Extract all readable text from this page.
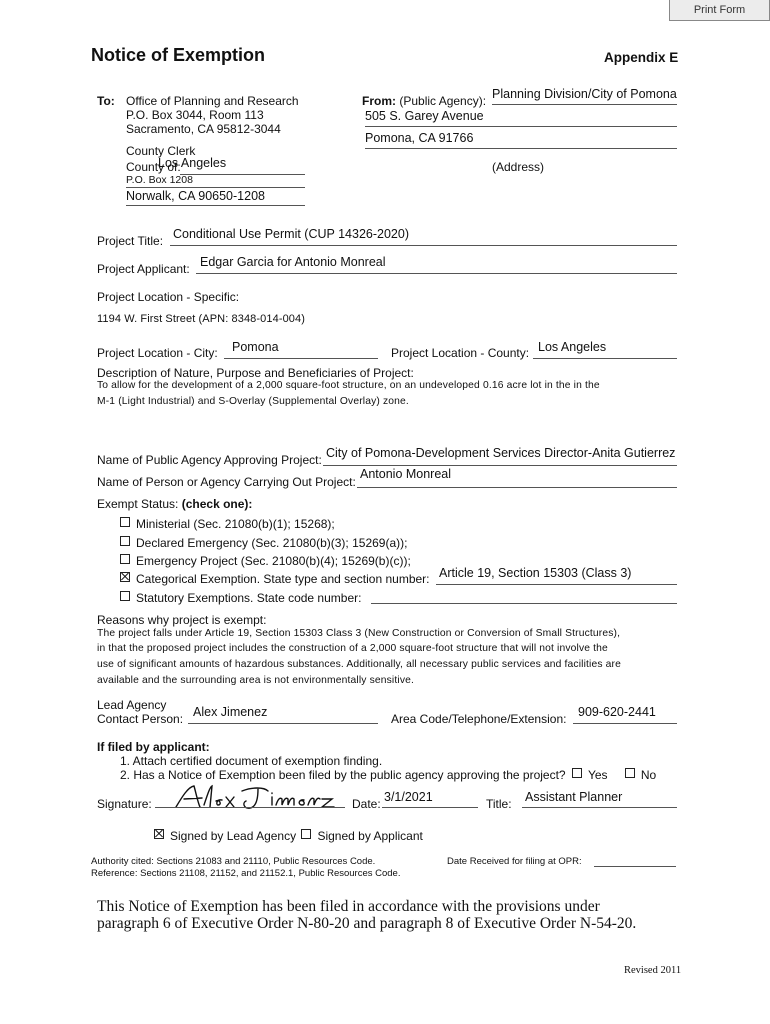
Print Form
Notice of Exemption	Appendix E
To: Office of Planning and Research
P.O. Box 3044, Room 113
Sacramento, CA 95812-3044
County Clerk
County of:
Los Angeles
P.O. Box 1208
Norwalk, CA 90650-1208
From: (Public Agency): Planning Division/City of Pomona
505 S. Garey Avenue
Pomona, CA 91766
(Address)
Project Title: Conditional Use Permit (CUP 14326-2020)
Project Applicant: Edgar Garcia for Antonio Monreal
Project Location - Specific:
1194 W. First Street (APN: 8348-014-004)
Project Location - City: Pomona	Project Location - County: Los Angeles
Description of Nature, Purpose and Beneficiaries of Project:
To allow for the development of a 2,000 square-foot structure, on an undeveloped 0.16 acre lot in the in the
M-1 (Light Industrial) and S-Overlay (Supplemental Overlay) zone.
Name of Public Agency Approving Project: City of Pomona-Development Services Director-Anita Gutierrez
Name of Person or Agency Carrying Out Project:
Antonio Monreal
Exempt Status: (check one):
Ministerial (Sec. 21080(b)(1); 15268);
Declared Emergency (Sec. 21080(b)(3); 15269(a));
Emergency Project (Sec. 21080(b)(4); 15269(b)(c));
Categorical Exemption. State type and section number: Article 19, Section 15303 (Class 3)
Statutory Exemptions. State code number:
Reasons why project is exempt:
The project falls under Article 19, Section 15303 Class 3 (New Construction or Conversion of Small Structures),
in that the proposed project includes the construction of a 2,000 square-foot structure that will not involve the
use of significant amounts of hazardous substances. Additionally, all necessary public services and facilities are
available and the surrounding area is not environmentally sensitive.
Lead Agency
Contact Person: Alex Jimenez	Area Code/Telephone/Extension: 909-620-2441
If filed by applicant:
1. Attach certified document of exemption finding.
2. Has a Notice of Exemption been filed by the public agency approving the project? Yes	No
Signature:	Date: 3/1/2021	Title: Assistant Planner
Signed by Lead Agency Signed by Applicant
Authority cited: Sections 21083 and 21110, Public Resources Code.
Reference: Sections 21108, 21152, and 21152.1, Public Resources Code.
Date Received for filing at OPR:
This Notice of Exemption has been filed in accordance with the provisions under
paragraph 6 of Executive Order N-80-20 and paragraph 8 of Executive Order N-54-20.
Revised 2011
